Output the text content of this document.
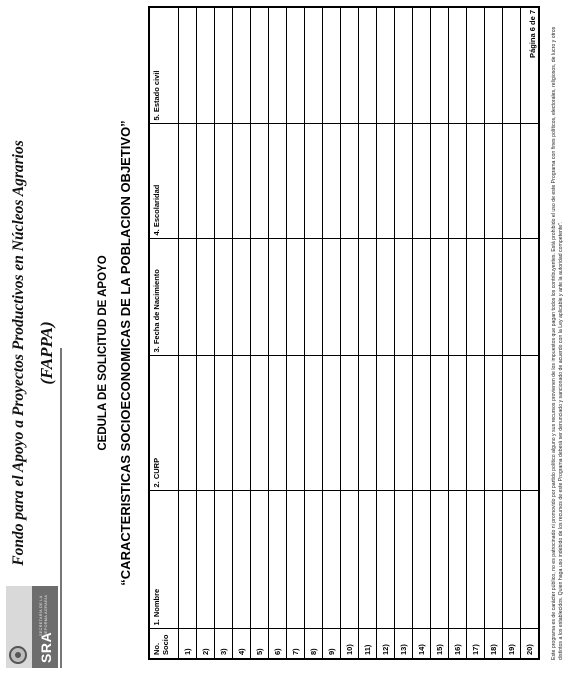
SRA
SECRETARÍA DE LA REFORMA AGRARIA
Fondo para el Apoyo a Proyectos Productivos en Núcleos Agrarios (FAPPA)	CEDULA DE SOLICITUD DE APOYO “CARACTERISTICAS SOCIOECONOMICAS DE LA POBLACION OBJETIVO”
No. Socio	1. Nombre	2. CURP	3. Fecha de Nacimiento	4. Escolaridad	5. Estado civil
1)					
2)					
3)					
4)					
5)					
6)					
7)					
8)					
9)					
10)					
11)					
12)					
13)					
14)					
15)					
16)					
17)					
18)					
19)					
20)					
Página 6 de 7	Este programa es de carácter público, no es patrocinado ni promovido por partido político alguno y sus recursos provienen de los impuestos que pagan todos los contribuyentes. Está prohibido el uso de este Programa con fines políticos, electorales, religiosos, de lucro y otros distintos a los establecidos. Quien haga uso indebido de los recursos de este Programa deberá ser denunciado y sancionado de acuerdo con la Ley aplicable y ante la autoridad competente”.
